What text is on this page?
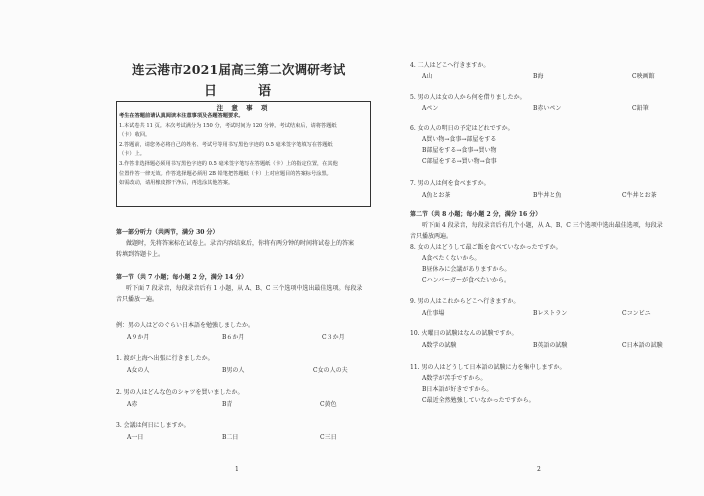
连云港市2021届高三第二次调研考试
日　语
注 意 事 项
考生在答题前请认真阅读本注意事项及各题答题要求。
1.本试卷共 11 页。本次考试满分为 150 分，考试时间为 120 分钟。考试结束后，请将答题纸
（卡）收回。
2.答题前，请您务必将自己的姓名、考试号等用书写黑色字迹的 0.5 毫米签字笔填写在答题纸
（卡）上。
3.作答非选择题必须用书写黑色字迹的 0.5 毫米签字笔写在答题纸（卡）上的指定位置，在其他
位置作答一律无效。作答选择题必须用 2B 铅笔把答题纸（卡）上对应题目的答案标号涂黑。
如需改动，请用橡皮擦干净后，再选涂其他答案。
第一部分听力（共两节，满分 30 分）
做题时，先将答案标在试卷上。录音内容结束后，你将有两分钟的时间将试卷上的答案
转填到答题卡上。
第一节（共 7 小题；每小题 2 分，满分 14 分）
听下面 7 段录音，每段录音后有 1 小题，从 A、B、C 三个选项中选出最佳选项。每段录
音只播放一遍。
例：男の人はどのぐらい日本語を勉強しましたか。
A９か月	B６か月	C３か月
1. 渡が上海へ出張に行きましたか。
A女の人	B男の人	C女の人の夫
2. 男の人はどんな色のシャツを買いましたか。
A赤	B青	C黄色
3. 会議は何日にしますか。
A一日	B二日	C三日
1
4. 二人はどこへ行きますか。
A山	B海	C映画館
5. 男の人は女の人から何を借りましたか。
Aペン	B赤いペン	C鉛筆
6. 女の人の明日の予定はどれですか。
A買い物→食事→部屋をする
B部屋をする→食事→買い物
C部屋をする→買い物→食事
7. 男の人は何を食べますか。
A魚とお茶	B牛丼と魚	C牛丼とお茶
第二节（共 8 小題；每小题 2 分，满分 16 分）
听下面 4 段录音，每段录音后有几个小题，从 A、B、C 三个选项中选出最佳选项，每段录
音只播放两遍。
8. 女の人はどうして最ご飯を食べていなかったですか。
A食べたくないから。
B昼休みに会議がありますから。
Cハンバーガーが食べたいから。
9. 男の人はこれからどこへ行きますか。
A仕事場	Bレストラン	Cコンビニ
10. 火曜日の試験はなんの試験ですか。
A数学の試験	B英語の試験	C日本語の試験
11. 男の人はどうして日本語の試験に力を集中しますか。
A数学が苦手ですから。
B日本語が好きですから。
C最近全然勉強していなかったですから。
2
